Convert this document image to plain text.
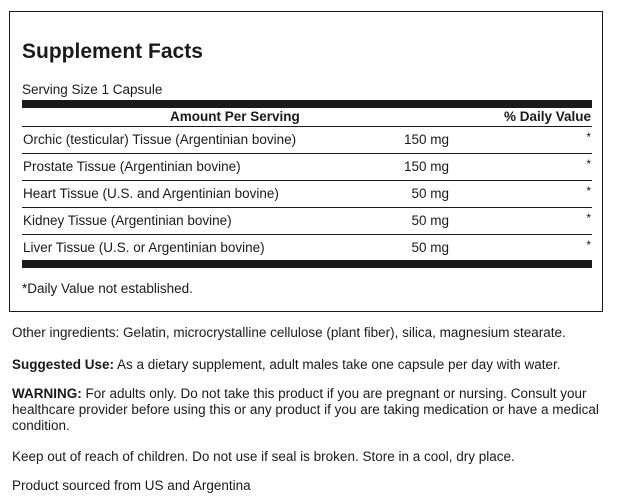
Supplement Facts
Serving Size 1 Capsule
Amount Per Serving	% Daily Value
Orchic (testicular) Tissue (Argentinian bovine)	150 mg	*
Prostate Tissue (Argentinian bovine)	150 mg	*
Heart Tissue (U.S. and Argentinian bovine)	50 mg	*
Kidney Tissue (Argentinian bovine)	50 mg	*
Liver Tissue (U.S. or Argentinian bovine)	50 mg	*
*Daily Value not established.

Other ingredients: Gelatin, microcrystalline cellulose (plant fiber), silica, magnesium stearate.

Suggested Use: As a dietary supplement, adult males take one capsule per day with water.

WARNING: For adults only. Do not take this product if you are pregnant or nursing. Consult your healthcare provider before using this or any product if you are taking medication or have a medical condition.

Keep out of reach of children. Do not use if seal is broken. Store in a cool, dry place.

Product sourced from US and Argentina
